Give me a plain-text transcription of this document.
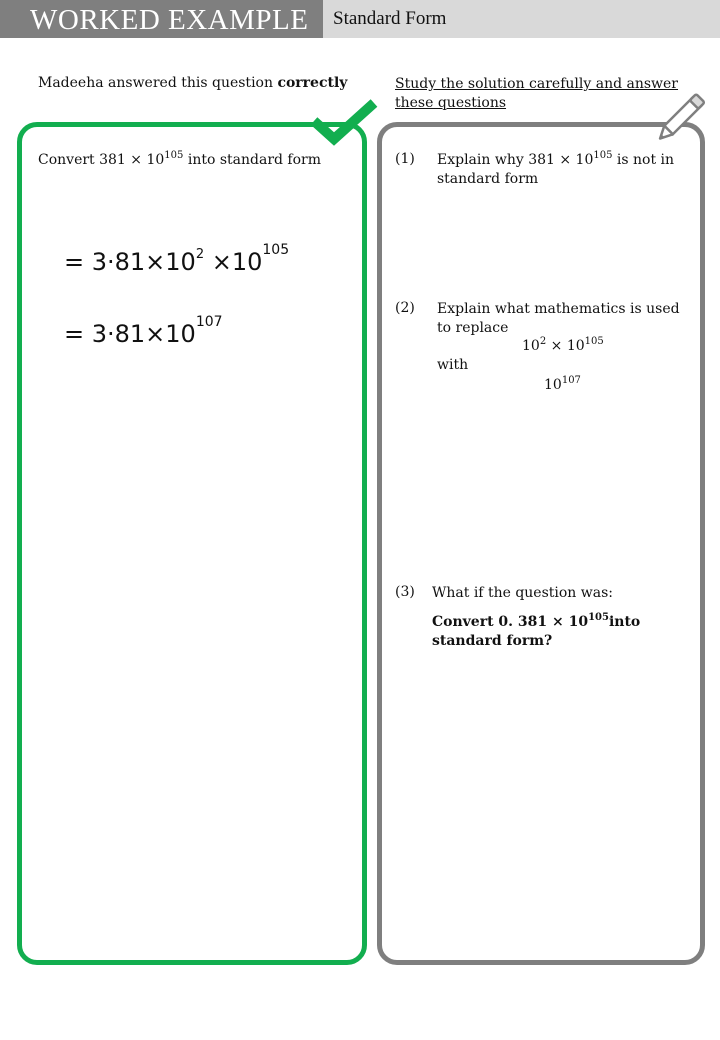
WORKED EXAMPLE	Standard Form
Madeeha answered this question correctly	Study the solution carefully and answer these questions
Convert $381 \times 10^{105}$ into standard form
= $3\cdot 81\times 10^2 \times 10^{105}$
= $3\cdot 81\times 10^{107}$
(1) Explain why $381 \times 10^{105}$ is not in standard form
(2) Explain what mathematics is used to replace
$10^2 \times 10^{105}$
with
$10^{107}$
(3) What if the question was:
Convert 0. $381 \times 10^{105}into$ standard form?
